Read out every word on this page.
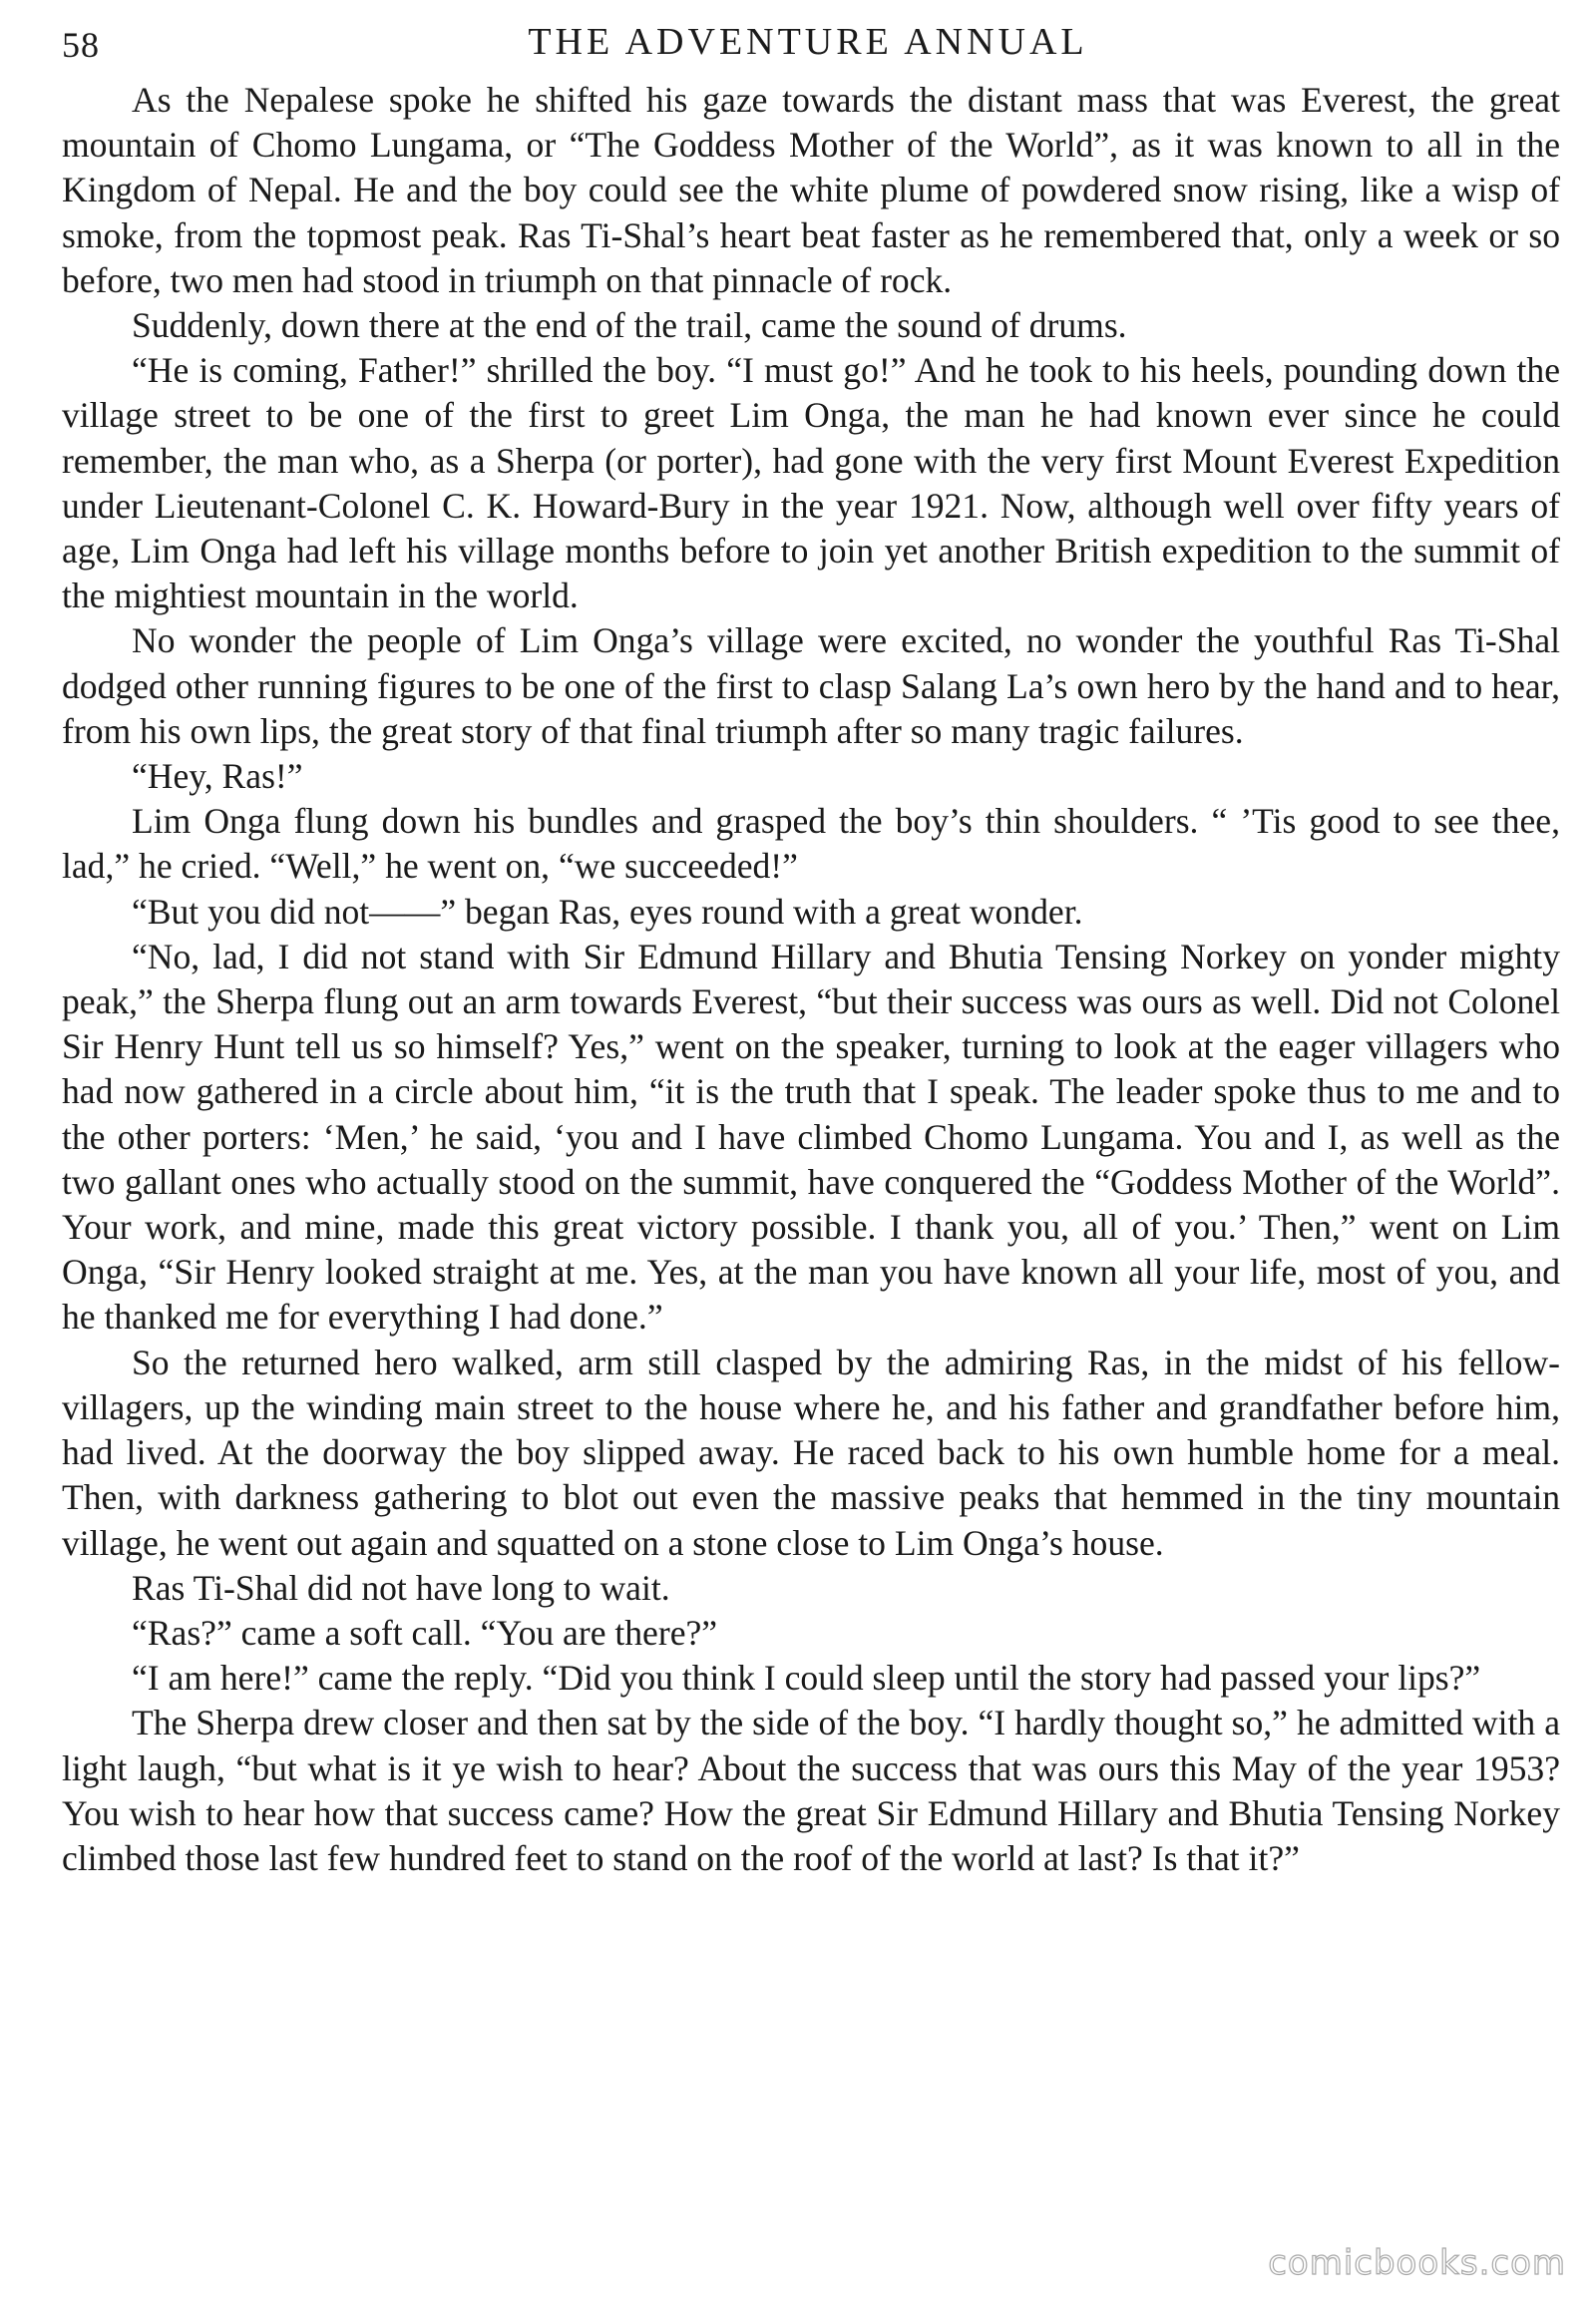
58	THE ADVENTURE ANNUAL

As the Nepalese spoke he shifted his gaze towards the distant mass that was Everest, the great mountain of Chomo Lungama, or “The Goddess Mother of the World”, as it was known to all in the Kingdom of Nepal. He and the boy could see the white plume of powdered snow rising, like a wisp of smoke, from the topmost peak. Ras Ti-Shal’s heart beat faster as he remembered that, only a week or so before, two men had stood in triumph on that pinnacle of rock.

Suddenly, down there at the end of the trail, came the sound of drums.

“He is coming, Father!” shrilled the boy. “I must go!” And he took to his heels, pounding down the village street to be one of the first to greet Lim Onga, the man he had known ever since he could remember, the man who, as a Sherpa (or porter), had gone with the very first Mount Everest Expedition under Lieutenant-Colonel C. K. Howard-Bury in the year 1921. Now, although well over fifty years of age, Lim Onga had left his village months before to join yet another British expedition to the summit of the mightiest mountain in the world.

No wonder the people of Lim Onga’s village were excited, no wonder the youthful Ras Ti-Shal dodged other running figures to be one of the first to clasp Salang La’s own hero by the hand and to hear, from his own lips, the great story of that final triumph after so many tragic failures.

“Hey, Ras!”

Lim Onga flung down his bundles and grasped the boy’s thin shoulders. “ ’Tis good to see thee, lad,” he cried. “Well,” he went on, “we succeeded!”

“But you did not——” began Ras, eyes round with a great wonder.

“No, lad, I did not stand with Sir Edmund Hillary and Bhutia Tensing Norkey on yonder mighty peak,” the Sherpa flung out an arm towards Everest, “but their success was ours as well. Did not Colonel Sir Henry Hunt tell us so himself? Yes,” went on the speaker, turning to look at the eager villagers who had now gathered in a circle about him, “it is the truth that I speak. The leader spoke thus to me and to the other porters: ‘Men,’ he said, ‘you and I have climbed Chomo Lungama. You and I, as well as the two gallant ones who actually stood on the summit, have conquered the “Goddess Mother of the World”. Your work, and mine, made this great victory possible. I thank you, all of you.’ Then,” went on Lim Onga, “Sir Henry looked straight at me. Yes, at the man you have known all your life, most of you, and he thanked me for everything I had done.”

So the returned hero walked, arm still clasped by the admiring Ras, in the midst of his fellow-villagers, up the winding main street to the house where he, and his father and grandfather before him, had lived. At the doorway the boy slipped away. He raced back to his own humble home for a meal. Then, with darkness gathering to blot out even the massive peaks that hemmed in the tiny mountain village, he went out again and squatted on a stone close to Lim Onga’s house.

Ras Ti-Shal did not have long to wait.

“Ras?” came a soft call. “You are there?”

“I am here!” came the reply. “Did you think I could sleep until the story had passed your lips?”

The Sherpa drew closer and then sat by the side of the boy. “I hardly thought so,” he admitted with a light laugh, “but what is it ye wish to hear? About the success that was ours this May of the year 1953? You wish to hear how that success came? How the great Sir Edmund Hillary and Bhutia Tensing Norkey climbed those last few hundred feet to stand on the roof of the world at last? Is that it?”

comicbooks.com
